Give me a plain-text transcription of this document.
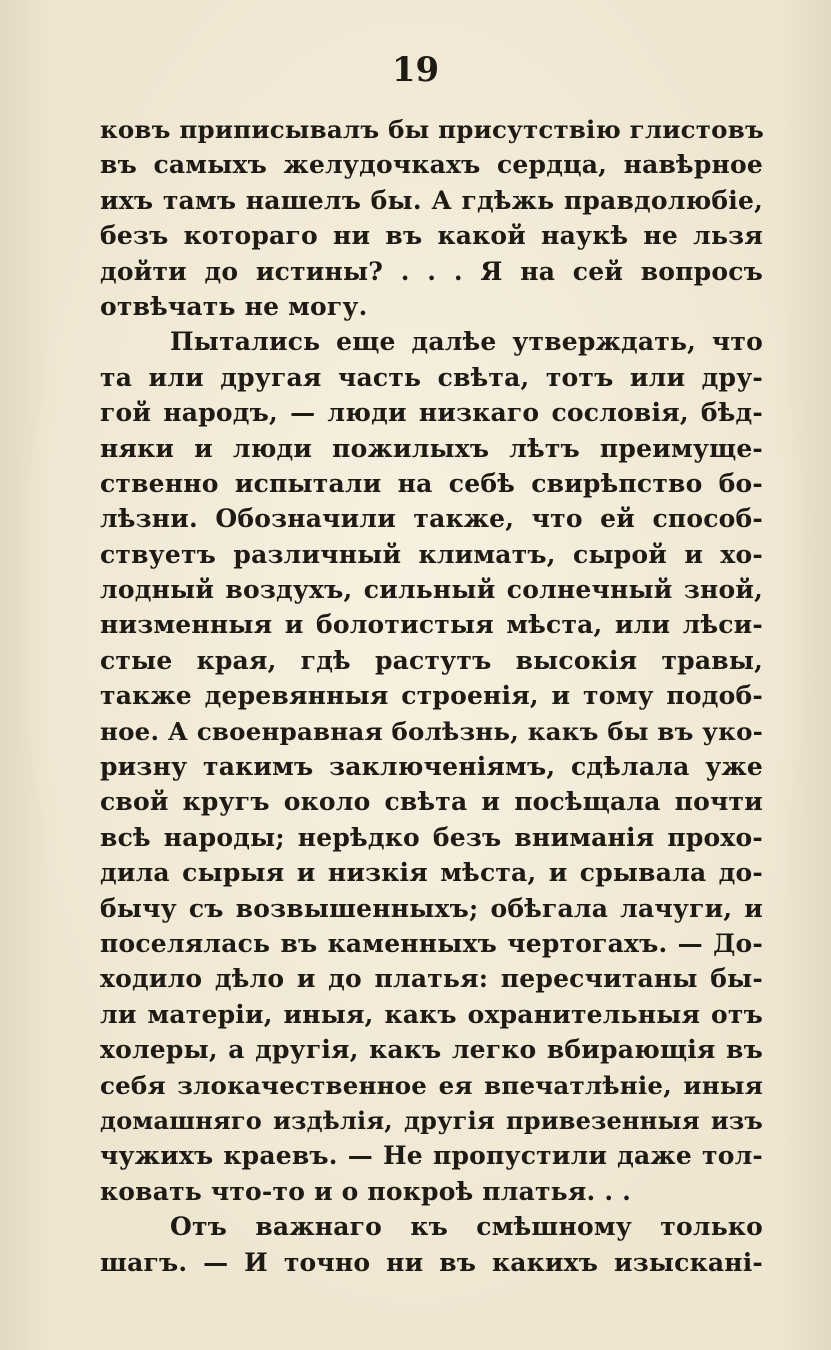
19
ковъ приписывалъ бы присутствію глистовъ
въ самыхъ желудочкахъ сердца, навѣрное
ихъ тамъ нашелъ бы. А гдѣжь правдолюбіе,
безъ котораго ни въ какой наукѣ не льзя
дойти до истины? . . . Я на сей вопросъ
отвѣчать не могу.
Пытались еще далѣе утверждать, что
та или другая часть свѣта, тотъ или дру-
гой народъ, — люди низкаго сословія, бѣд-
няки и люди пожилыхъ лѣтъ преимуще-
ственно испытали на себѣ свирѣпство бо-
лѣзни. Обозначили также, что ей способ-
ствуетъ различный климатъ, сырой и хо-
лодный воздухъ, сильный солнечный зной,
низменныя и болотистыя мѣста, или лѣси-
стые края, гдѣ растутъ высокія травы,
также деревянныя строенія, и тому подоб-
ное. А своенравная болѣзнь, какъ бы въ уко-
ризну такимъ заключеніямъ, сдѣлала уже
свой кругъ около свѣта и посѣщала почти
всѣ народы; нерѣдко безъ вниманія прохо-
дила сырыя и низкія мѣста, и срывала до-
бычу съ возвышенныхъ; обѣгала лачуги, и
поселялась въ каменныхъ чертогахъ. — До-
ходило дѣло и до платья: пересчитаны бы-
ли матеріи, иныя, какъ охранительныя отъ
холеры, а другія, какъ легко вбирающія въ
себя злокачественное ея впечатлѣніе, иныя
домашняго издѣлія, другія привезенныя изъ
чужихъ краевъ. — Не пропустили даже тол-
ковать что-то и о покроѣ платья. . .
Отъ важнаго къ смѣшному только
шагъ. — И точно ни въ какихъ изысканi-
